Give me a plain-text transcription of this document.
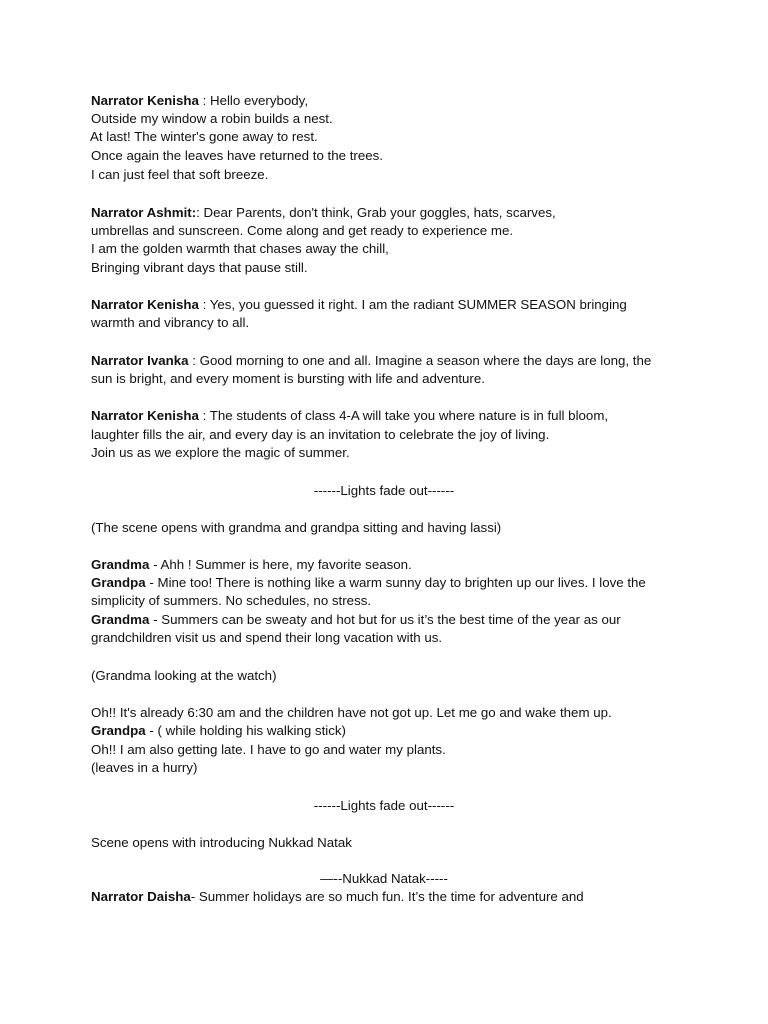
Narrator Kenisha : Hello everybody,
Outside my window a robin builds a nest.
At last! The winter's gone away to rest.
Once again the leaves have returned to the trees.
I can just feel that soft breeze.
Narrator Ashmit:: Dear Parents, don't think, Grab your goggles, hats, scarves,
umbrellas and sunscreen. Come along and get ready to experience me.
I am the golden warmth that chases away the chill,
Bringing vibrant days that pause still.
Narrator Kenisha : Yes, you guessed it right. I am the radiant SUMMER SEASON bringing
warmth and vibrancy to all.
Narrator Ivanka : Good morning to one and all. Imagine a season where the days are long, the
sun is bright, and every moment is bursting with life and adventure.
Narrator Kenisha : The students of class 4-A will take you where nature is in full bloom,
laughter fills the air, and every day is an invitation to celebrate the joy of living.
Join us as we explore the magic of summer.
------Lights fade out------
(The scene opens with grandma and grandpa sitting and having lassi)
Grandma - Ahh ! Summer is here, my favorite season.
Grandpa - Mine too! There is nothing like a warm sunny day to brighten up our lives. I love the
simplicity of summers. No schedules, no stress.
Grandma - Summers can be sweaty and hot but for us it’s the best time of the year as our
grandchildren visit us and spend their long vacation with us.
(Grandma looking at the watch)
Oh!! It's already 6:30 am and the children have not got up. Let me go and wake them up.
Grandpa - ( while holding his walking stick)
Oh!! I am also getting late. I have to go and water my plants.
(leaves in a hurry)
------Lights fade out------
Scene opens with introducing Nukkad Natak
—--Nukkad Natak-----
Narrator Daisha- Summer holidays are so much fun. It’s the time for adventure and
